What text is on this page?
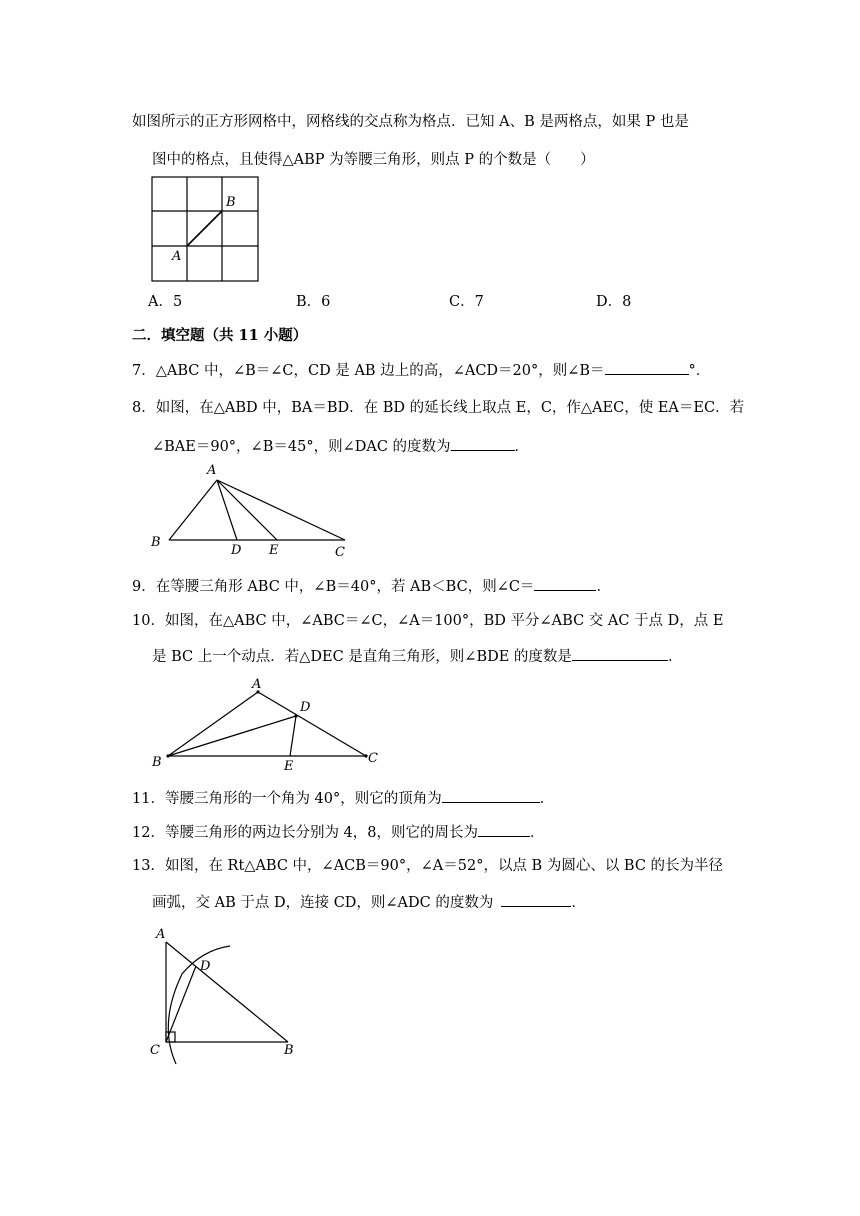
如图所示的正方形网格中，网格线的交点称为格点．已知 A、B 是两格点，如果 P 也是
图中的格点，且使得△ABP 为等腰三角形，则点 P 的个数是（　　）
B
A
A．5	B．6	C．7	D．8
二．填空题（共 11 小题）
7．△ABC 中，∠B＝∠C，CD 是 AB 边上的高，∠ACD＝20°，则∠B＝	°．
8．如图，在△ABD 中，BA＝BD．在 BD 的延长线上取点 E，C，作△AEC，使 EA＝EC．若
∠BAE＝90°，∠B＝45°，则∠DAC 的度数为	．
A
B
D E	C
9．在等腰三角形 ABC 中，∠B＝40°，若 AB＜BC，则∠C＝	．
10．如图，在△ABC 中，∠ABC＝∠C，∠A＝100°，BD 平分∠ABC 交 AC 于点 D，点 E
是 BC 上一个动点．若△DEC 是直角三角形，则∠BDE 的度数是	．
A
D
B	C
E
11．等腰三角形的一个角为 40°，则它的顶角为	．
12．等腰三角形的两边长分别为 4，8，则它的周长为	．
13．如图，在 Rt△ABC 中，∠ACB＝90°，∠A＝52°，以点 B 为圆心、以 BC 的长为半径
画弧，交 AB 于点 D，连接 CD，则∠ADC 的度数为	．
A
D
C	B
